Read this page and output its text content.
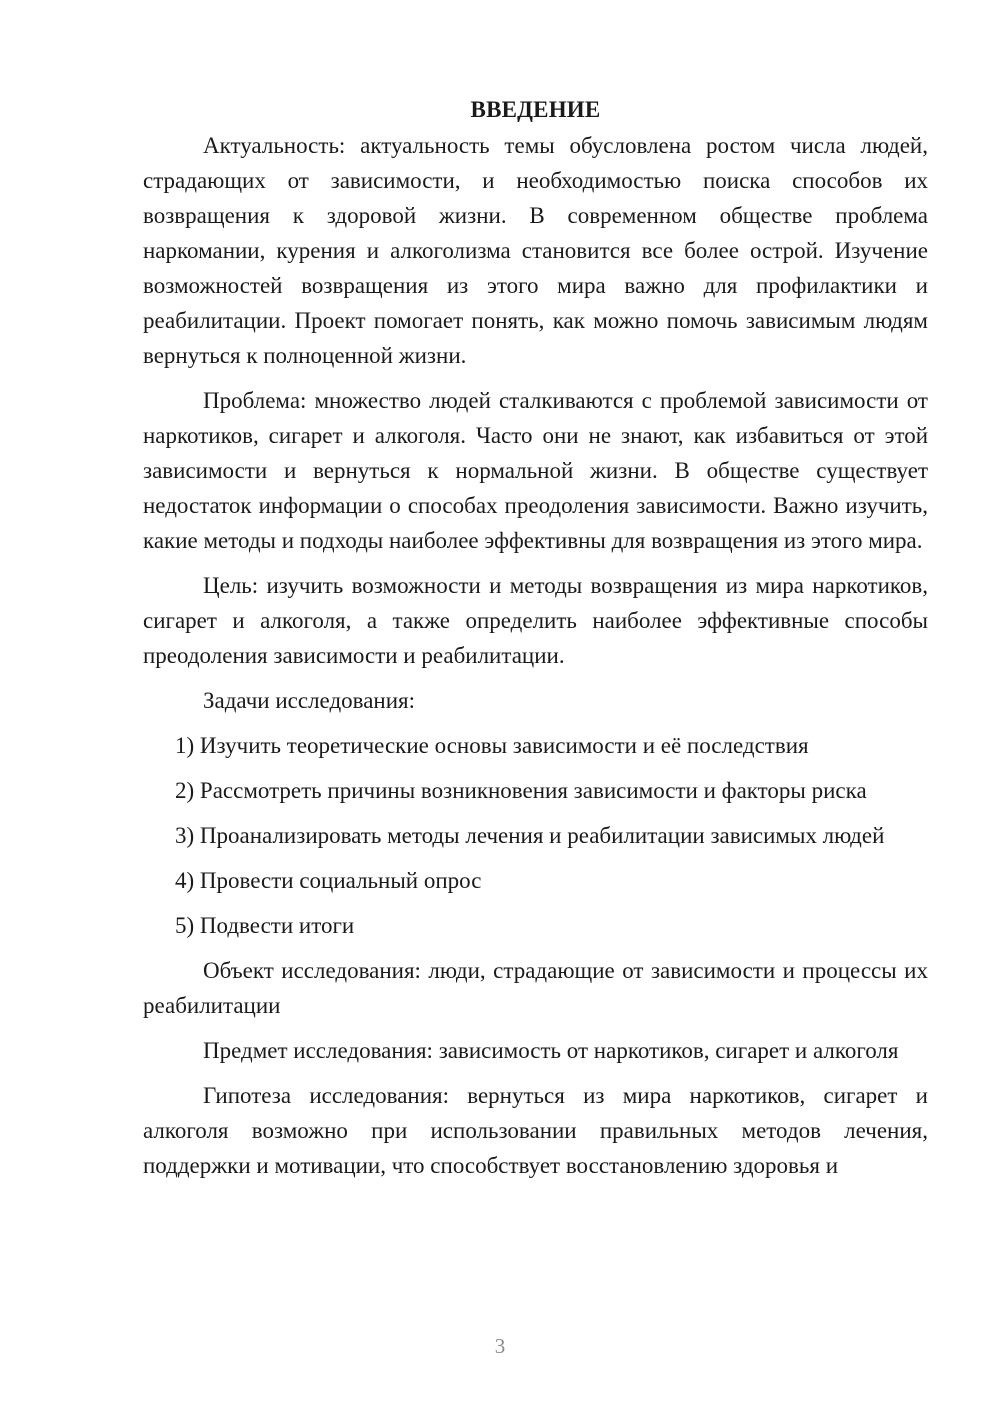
ВВЕДЕНИЕ

Актуальность: актуальность темы обусловлена ростом числа людей, страдающих от зависимости, и необходимостью поиска способов их возвращения к здоровой жизни. В современном обществе проблема наркомании, курения и алкоголизма становится все более острой. Изучение возможностей возвращения из этого мира важно для профилактики и реабилитации. Проект помогает понять, как можно помочь зависимым людям вернуться к полноценной жизни.

Проблема: множество людей сталкиваются с проблемой зависимости от наркотиков, сигарет и алкоголя. Часто они не знают, как избавиться от этой зависимости и вернуться к нормальной жизни. В обществе существует недостаток информации о способах преодоления зависимости. Важно изучить, какие методы и подходы наиболее эффективны для возвращения из этого мира.

Цель: изучить возможности и методы возвращения из мира наркотиков, сигарет и алкоголя, а также определить наиболее эффективные способы преодоления зависимости и реабилитации.

Задачи исследования:

1) Изучить теоретические основы зависимости и её последствия

2) Рассмотреть причины возникновения зависимости и факторы риска

3) Проанализировать методы лечения и реабилитации зависимых людей

4) Провести социальный опрос

5) Подвести итоги

Объект исследования: люди, страдающие от зависимости и процессы их реабилитации

Предмет исследования: зависимость от наркотиков, сигарет и алкоголя

Гипотеза исследования: вернуться из мира наркотиков, сигарет и алкоголя возможно при использовании правильных методов лечения, поддержки и мотивации, что способствует восстановлению здоровья и

3
